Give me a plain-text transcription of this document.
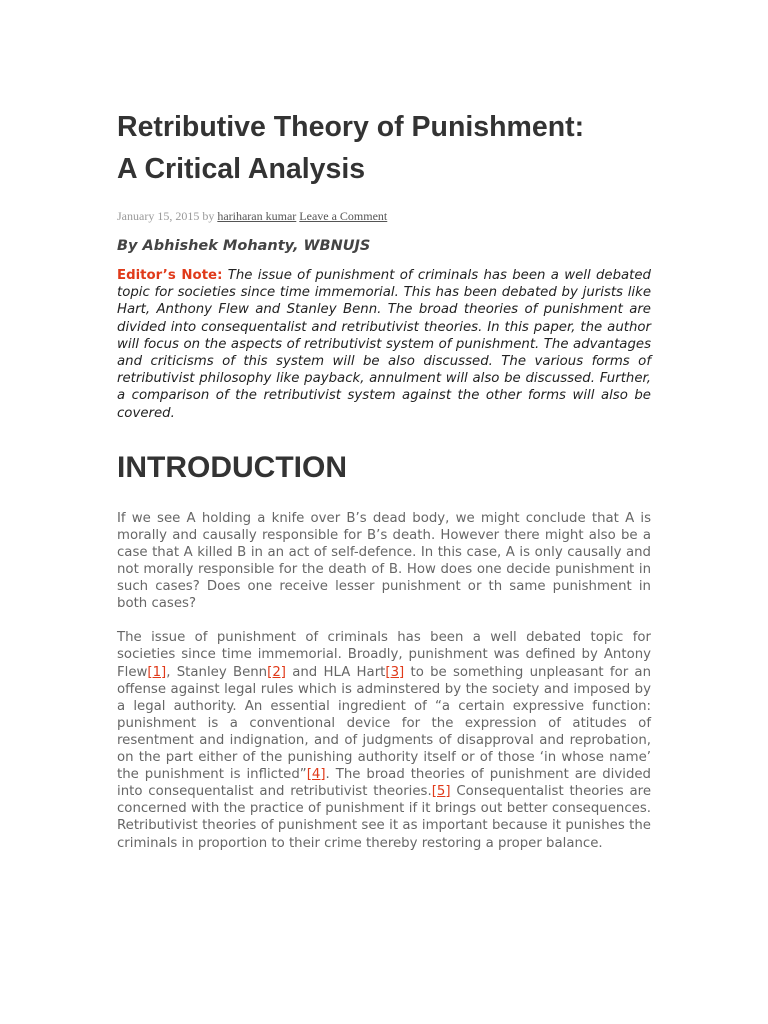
Retributive Theory of Punishment:
A Critical Analysis
January 15, 2015 by hariharan kumar Leave a Comment
By Abhishek Mohanty, WBNUJS

Editor’s Note: The issue of punishment of criminals has been a well debated topic for societies since time immemorial. This has been debated by jurists like Hart, Anthony Flew and Stanley Benn. The broad theories of punishment are divided into consequentalist and retributivist theories. In this paper, the author will focus on the aspects of retributivist system of punishment. The advantages and criticisms of this system will be also discussed. The various forms of retributivist philosophy like payback, annulment will also be discussed. Further, a comparison of the retributivist system against the other forms will also be covered.

INTRODUCTION

If we see A holding a knife over B’s dead body, we might conclude that A is morally and causally responsible for B’s death. However there might also be a case that A killed B in an act of self-defence. In this case, A is only causally and not morally responsible for the death of B. How does one decide punishment in such cases? Does one receive lesser punishment or th same punishment in both cases?

The issue of punishment of criminals has been a well debated topic for societies since time immemorial. Broadly, punishment was defined by Antony Flew[1], Stanley Benn[2] and HLA Hart[3] to be something unpleasant for an offense against legal rules which is adminstered by the society and imposed by a legal authority. An essential ingredient of “a certain expressive function: punishment is a conventional device for the expression of atitudes of resentment and indignation, and of judgments of disapproval and reprobation, on the part either of the punishing authority itself or of those ‘in whose name’ the punishment is inflicted”[4]. The broad theories of punishment are divided into consequentalist and retributivist theories.[5] Consequentalist theories are concerned with the practice of punishment if it brings out better consequences. Retributivist theories of punishment see it as important because it punishes the criminals in proportion to their crime thereby restoring a proper balance.
